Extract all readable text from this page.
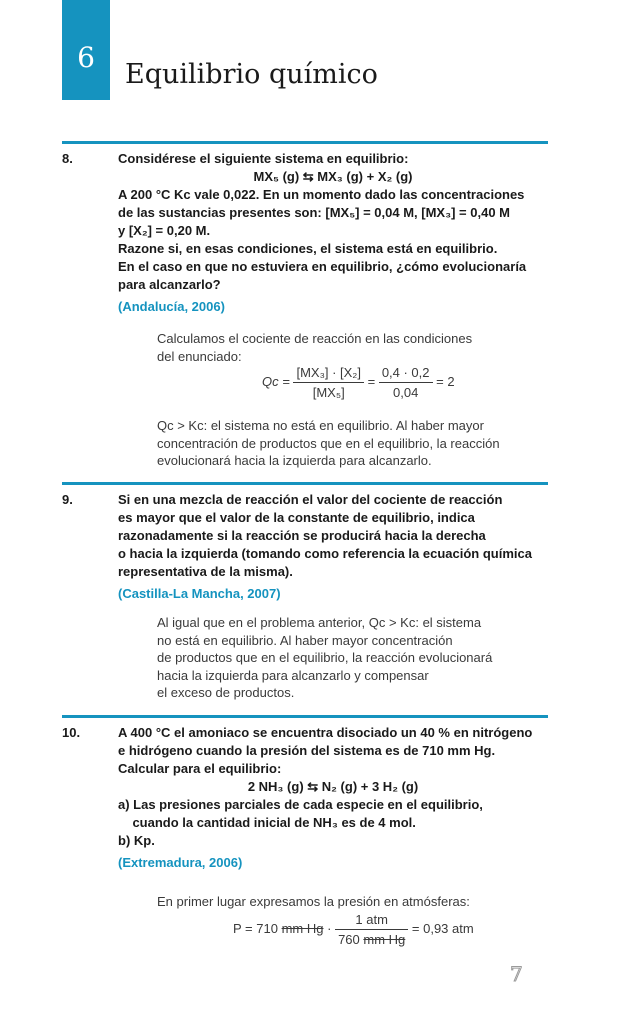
6
Equilibrio químico
8.	Considérese el siguiente sistema en equilibrio:
MX₅ (g) ⇆ MX₃ (g) + X₂ (g)
A 200 °C Kc vale 0,022. En un momento dado las concentraciones
de las sustancias presentes son: [MX₅] = 0,04 M, [MX₃] = 0,40 M
y [X₂] = 0,20 M.
Razone si, en esas condiciones, el sistema está en equilibrio.
En el caso en que no estuviera en equilibrio, ¿cómo evolucionaría
para alcanzarlo?
(Andalucía, 2006)
Calculamos el cociente de reacción en las condiciones
del enunciado:
$Qc = \frac{\text{[MX₃] · [X₂]}}{\text{[MX₅]}} = \frac{0,4 \cdot 0,2}{0,04} = 2$
Qc > Kc: el sistema no está en equilibrio. Al haber mayor
concentración de productos que en el equilibrio, la reacción
evolucionará hacia la izquierda para alcanzarlo.
9.	Si en una mezcla de reacción el valor del cociente de reacción
es mayor que el valor de la constante de equilibrio, indica
razonadamente si la reacción se producirá hacia la derecha
o hacia la izquierda (tomando como referencia la ecuación química
representativa de la misma).
(Castilla-La Mancha, 2007)
Al igual que en el problema anterior, Qc > Kc: el sistema
no está en equilibrio. Al haber mayor concentración
de productos que en el equilibrio, la reacción evolucionará
hacia la izquierda para alcanzarlo y compensar
el exceso de productos.
10.	A 400 °C el amoniaco se encuentra disociado un 40 % en nitrógeno
e hidrógeno cuando la presión del sistema es de 710 mm Hg.
Calcular para el equilibrio:
2 NH₃ (g) ⇆ N₂ (g) + 3 H₂ (g)
a) Las presiones parciales de cada especie en el equilibrio,
cuando la cantidad inicial de NH₃ es de 4 mol.
b) Kp.
(Extremadura, 2006)
En primer lugar expresamos la presión en atmósferas:
P = 710 mm $Hg \cdot \frac{\text{1 atm}}{\text{760 mm Hg}} = 0,93$ atm
7
